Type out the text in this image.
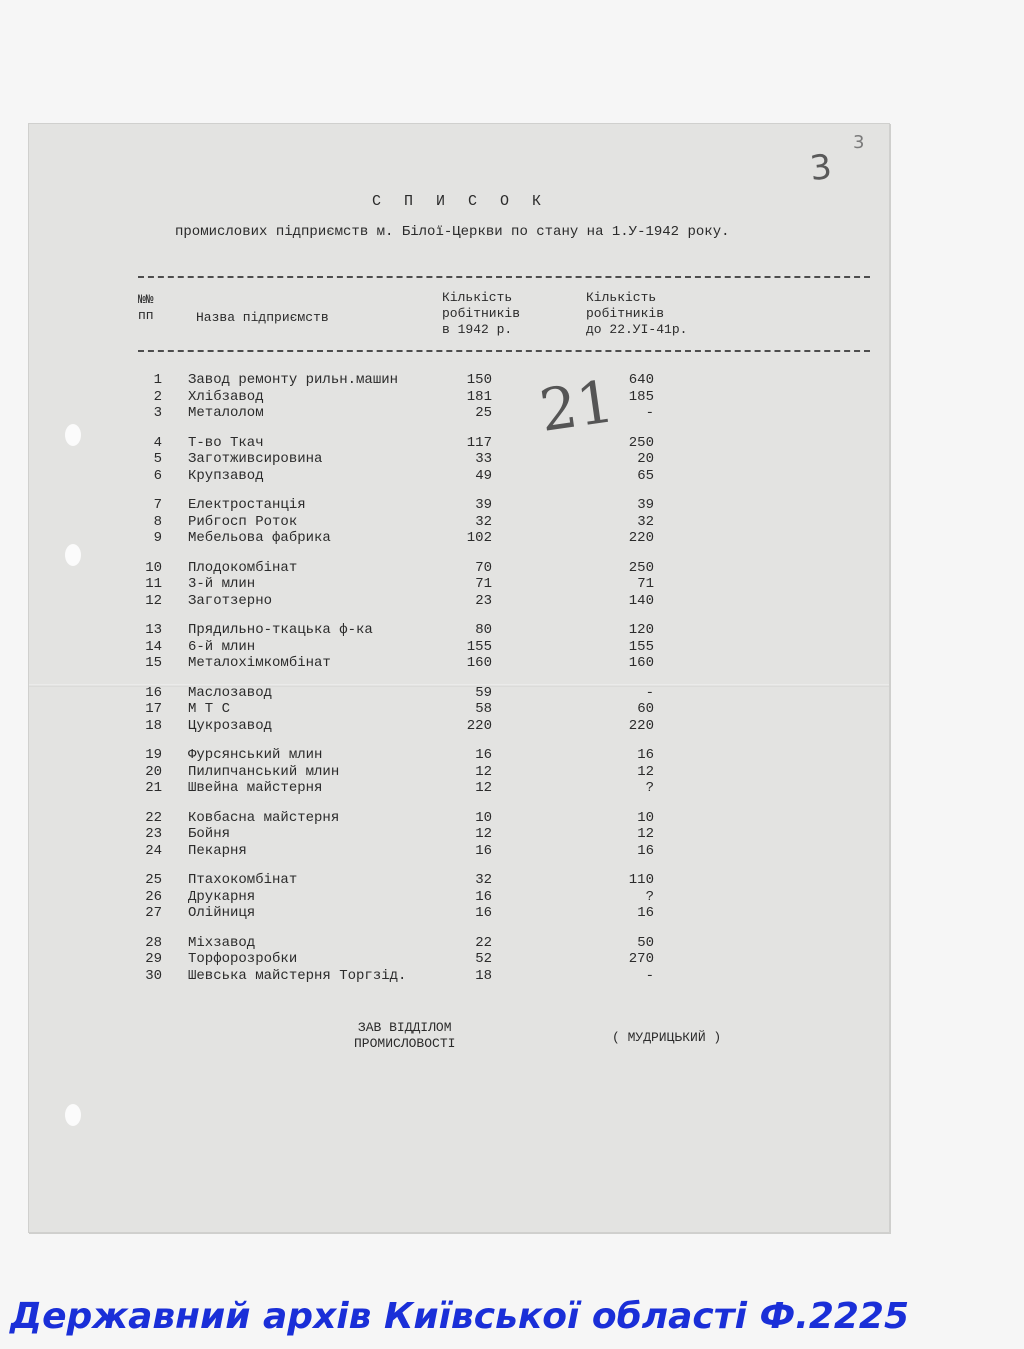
3
3
С П И С О К
промислових підприємств м. Білої-Церкви по стану на 1.У-1942 року.
№№
пп	Назва підприємств
Кількість
робітників
в 1942 р.
Кількість
робітників
до 22.УІ-41р.
21
1 Завод ремонту рильн.машин	150	640
2 Хлібзавод	181	185
3 Металолом	25	-
4 Т-во Ткач	117	250
5 Заготживсировина	33	20
6 Крупзавод	49	65
7 Електростанція	39	39
8 Рибгосп Роток	32	32
9 Мебельова фабрика	102	220
10 Плодокомбінат	70	250
11 3-й млин	71	71
12 Заготзерно	23	140
13 Прядильно-ткацька ф-ка	80	120
14 6-й млин	155	155
15 Металохімкомбінат	160	160
16 Маслозавод	59	-
17 М Т С	58	60
18 Цукрозавод	220	220
19 Фурсянський млин	16	16
20 Пилипчанський млин	12	12
21 Швейна майстерня	12	?
22 Ковбасна майстерня	10	10
23 Бойня	12	12
24 Пекарня	16	16
25 Птахокомбінат	32	110
26 Друкарня	16	?
27 Олійниця	16	16
28 Міхзавод	22	50
29 Торфорозробки	52	270
30 Шевська майстерня Торгзід.	18	-
ЗАВ ВІДДІЛОМ
ПРОМИСЛОВОСТІ	( МУДРИЦЬКИЙ )
Державний архів Київської області Ф.2225
